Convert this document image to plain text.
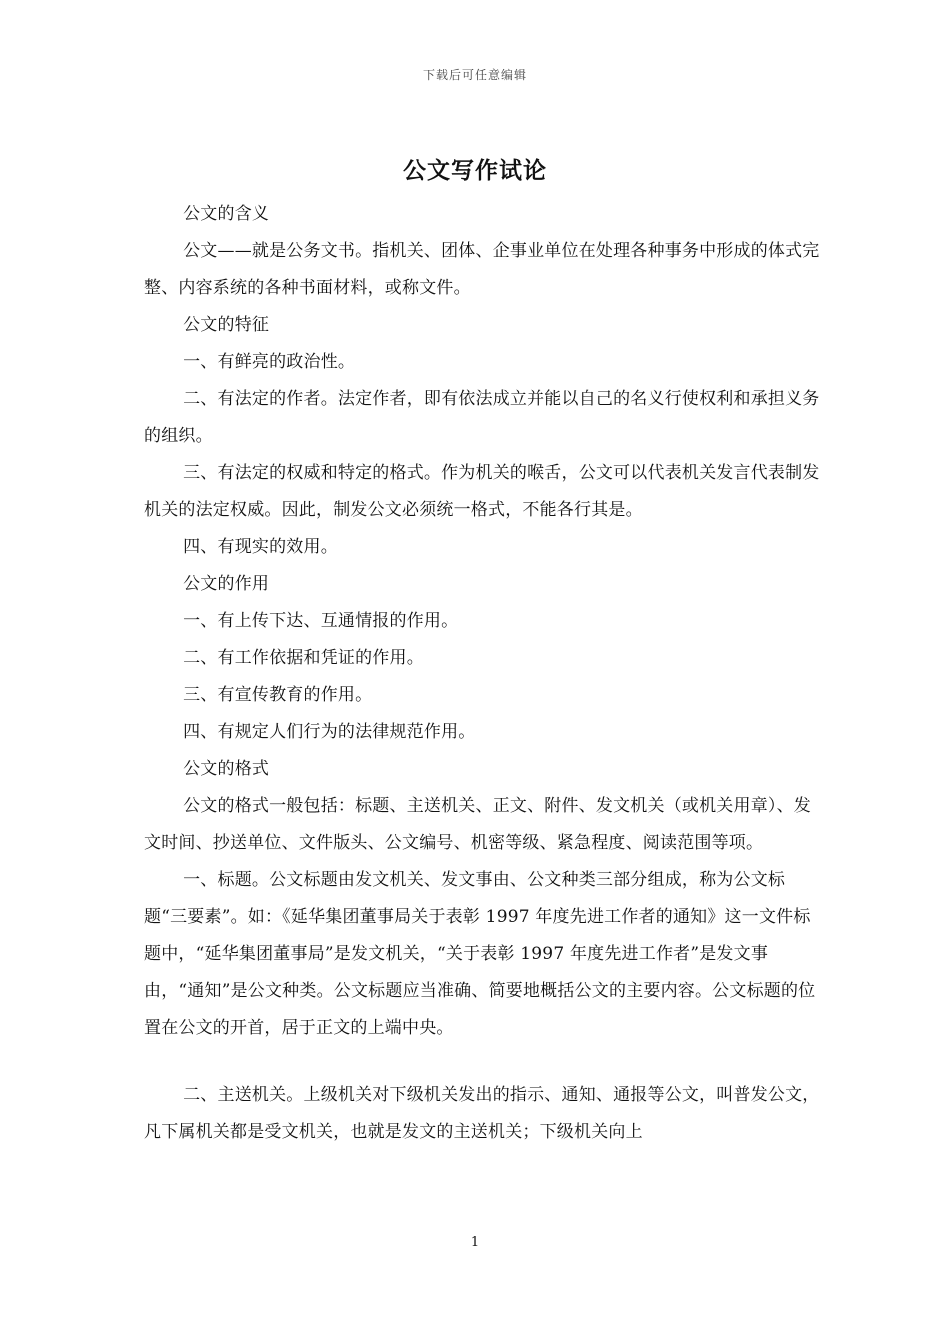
下载后可任意编辑
公文写作试论

公文的含义

公文——就是公务文书。指机关、团体、企事业单位在处理各种事务中形成的体式完整、内容系统的各种书面材料，或称文件。

公文的特征

一、有鲜亮的政治性。

二、有法定的作者。法定作者，即有依法成立并能以自己的名义行使权利和承担义务的组织。

三、有法定的权威和特定的格式。作为机关的喉舌，公文可以代表机关发言代表制发机关的法定权威。因此，制发公文必须统一格式，不能各行其是。

四、有现实的效用。

公文的作用

一、有上传下达、互通情报的作用。

二、有工作依据和凭证的作用。

三、有宣传教育的作用。

四、有规定人们行为的法律规范作用。

公文的格式

公文的格式一般包括：标题、主送机关、正文、附件、发文机关（或机关用章）、发文时间、抄送单位、文件版头、公文编号、机密等级、紧急程度、阅读范围等项。

一、标题。公文标题由发文机关、发文事由、公文种类三部分组成，称为公文标题“三要素”。如：《延华集团董事局关于表彰 1997 年度先进工作者的通知》这一文件标题中，“延华集团董事局”是发文机关，“关于表彰 1997 年度先进工作者”是发文事由，“通知”是公文种类。公文标题应当准确、简要地概括公文的主要内容。公文标题的位置在公文的开首，居于正文的上端中央。

二、主送机关。上级机关对下级机关发出的指示、通知、通报等公文，叫普发公文，凡下属机关都是受文机关，也就是发文的主送机关；下级机关向上

1
